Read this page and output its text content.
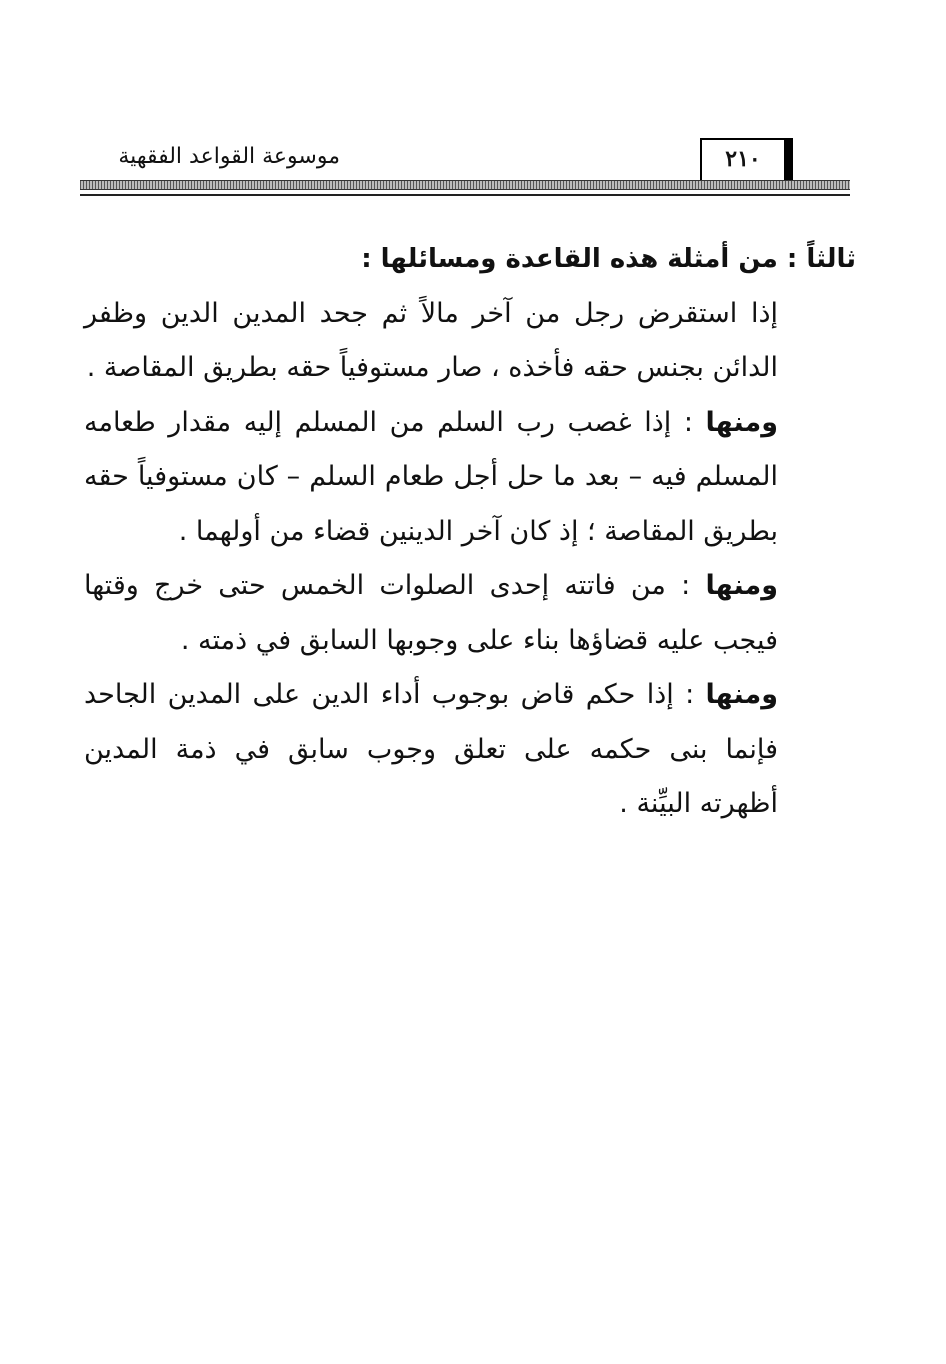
موسوعة القواعد الفقهية	٢١٠

ثالثاً : من أمثلة هذه القاعدة ومسائلها :

إذا استقرض رجل من آخر مالاً ثم جحد المدين الدين وظفر الدائن بجنس حقه فأخذه ، صار مستوفياً حقه بطريق المقاصة .

ومنها : إذا غصب رب السلم من المسلم إليه مقدار طعامه المسلم فيه – بعد ما حل أجل طعام السلم – كان مستوفياً حقه بطريق المقاصة ؛ إذ كان آخر الدينين قضاء من أولهما .

ومنها : من فاتته إحدى الصلوات الخمس حتى خرج وقتها فيجب عليه قضاؤها بناء على وجوبها السابق في ذمته .

ومنها : إذا حكم قاض بوجوب أداء الدين على المدين الجاحد فإنما بنى حكمه على تعلق وجوب سابق في ذمة المدين أظهرته البيِّنة .
